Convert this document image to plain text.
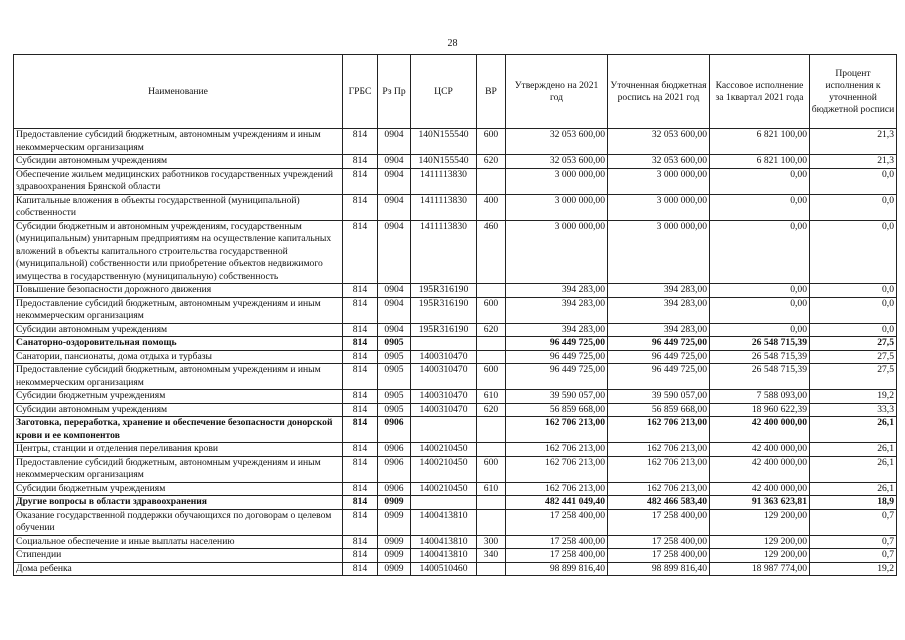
28
Наименование	ГРБС	Рз Пр	ЦСР	ВР	Утверждено на 2021 год	Уточненная бюджетная роспись на 2021 год	Кассовое исполнение за 1квартал 2021 года	Процент исполнения к уточненной бюджетной росписи
Предоставление субсидий бюджетным, автономным учреждениям и иным некоммерческим организациям	814	0904	140N155540	600	32 053 600,00	32 053 600,00	6 821 100,00	21,3
Субсидии автономным учреждениям	814	0904	140N155540	620	32 053 600,00	32 053 600,00	6 821 100,00	21,3
Обеспечение жильем медицинских работников государственных учреждений здравоохранения Брянской области	814	0904	1411113830		3 000 000,00	3 000 000,00	0,00	0,0
Капитальные вложения в объекты государственной (муниципальной) собственности	814	0904	1411113830	400	3 000 000,00	3 000 000,00	0,00	0,0
Субсидии бюджетным и автономным учреждениям, государственным (муниципальным) унитарным предприятиям на осуществление капитальных вложений в объекты капитального строительства государственной (муниципальной) собственности или приобретение объектов недвижимого имущества в государственную (муниципальную) собственность	814	0904	1411113830	460	3 000 000,00	3 000 000,00	0,00	0,0
Повышение безопасности дорожного движения	814	0904	195R316190		394 283,00	394 283,00	0,00	0,0
Предоставление субсидий бюджетным, автономным учреждениям и иным некоммерческим организациям	814	0904	195R316190	600	394 283,00	394 283,00	0,00	0,0
Субсидии автономным учреждениям	814	0904	195R316190	620	394 283,00	394 283,00	0,00	0,0
Санаторно-оздоровительная помощь	814	0905			96 449 725,00	96 449 725,00	26 548 715,39	27,5
Санатории, пансионаты, дома отдыха и турбазы	814	0905	1400310470		96 449 725,00	96 449 725,00	26 548 715,39	27,5
Предоставление субсидий бюджетным, автономным учреждениям и иным некоммерческим организациям	814	0905	1400310470	600	96 449 725,00	96 449 725,00	26 548 715,39	27,5
Субсидии бюджетным учреждениям	814	0905	1400310470	610	39 590 057,00	39 590 057,00	7 588 093,00	19,2
Субсидии автономным учреждениям	814	0905	1400310470	620	56 859 668,00	56 859 668,00	18 960 622,39	33,3
Заготовка, переработка, хранение и обеспечение безопасности донорской крови и ее компонентов	814	0906			162 706 213,00	162 706 213,00	42 400 000,00	26,1
Центры, станции и отделения переливания крови	814	0906	1400210450		162 706 213,00	162 706 213,00	42 400 000,00	26,1
Предоставление субсидий бюджетным, автономным учреждениям и иным некоммерческим организациям	814	0906	1400210450	600	162 706 213,00	162 706 213,00	42 400 000,00	26,1
Субсидии бюджетным учреждениям	814	0906	1400210450	610	162 706 213,00	162 706 213,00	42 400 000,00	26,1
Другие вопросы в области здравоохранения	814	0909			482 441 049,40	482 466 583,40	91 363 623,81	18,9
Оказание государственной поддержки обучающихся по договорам о целевом обучении	814	0909	1400413810		17 258 400,00	17 258 400,00	129 200,00	0,7
Социальное обеспечение и иные выплаты населению	814	0909	1400413810	300	17 258 400,00	17 258 400,00	129 200,00	0,7
Стипендии	814	0909	1400413810	340	17 258 400,00	17 258 400,00	129 200,00	0,7
Дома ребенка	814	0909	1400510460		98 899 816,40	98 899 816,40	18 987 774,00	19,2
